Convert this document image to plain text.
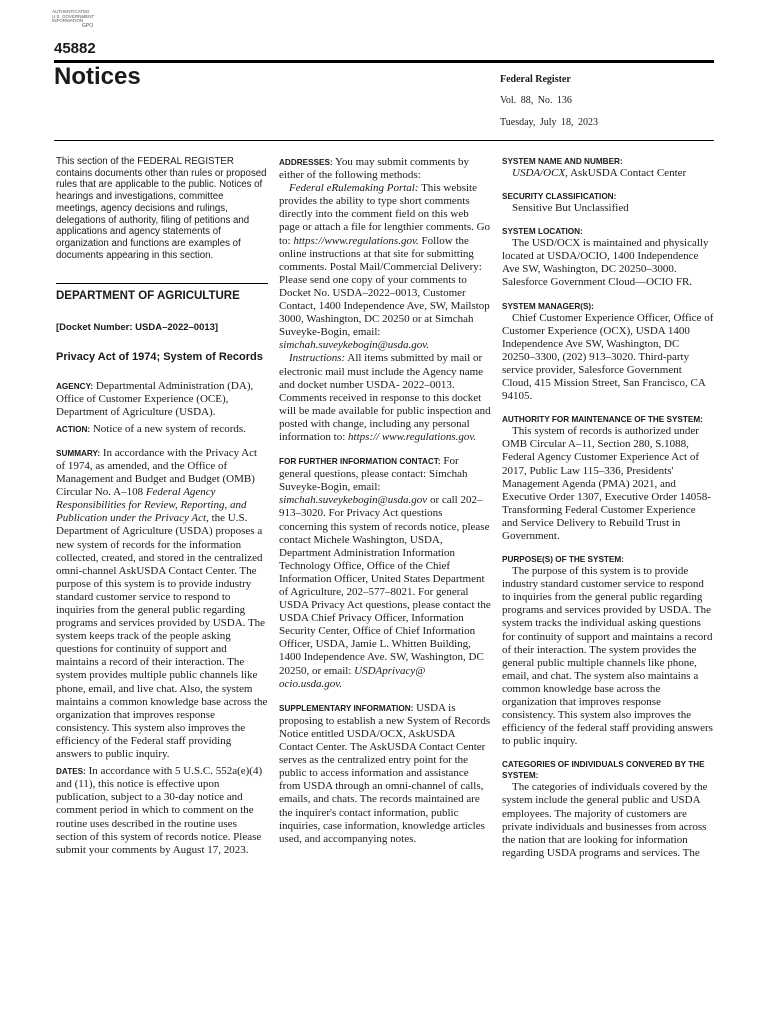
AUTHENTICATED
U.S. GOVERNMENT
INFORMATION
GPO
45882
Notices	Federal Register
Vol. 88, No. 136
Tuesday, July 18, 2023

This section of the FEDERAL REGISTER contains documents other than rules or proposed rules that are applicable to the public. Notices of hearings and investigations, committee meetings, agency decisions and rulings, delegations of authority, filing of petitions and applications and agency statements of organization and functions are examples of documents appearing in this section.

DEPARTMENT OF AGRICULTURE

[Docket Number: USDA–2022–0013]

Privacy Act of 1974; System of Records

AGENCY: Departmental Administration (DA), Office of Customer Experience (OCE), Department of Agriculture (USDA).

ACTION: Notice of a new system of records.

SUMMARY: In accordance with the Privacy Act of 1974, as amended, and the Office of Management and Budget and Budget (OMB) Circular No. A–108 Federal Agency Responsibilities for Review, Reporting, and Publication under the Privacy Act, the U.S. Department of Agriculture (USDA) proposes a new system of records for the information collected, created, and stored in the centralized omni-channel AskUSDA Contact Center. The purpose of this system is to provide industry standard customer service to respond to inquiries from the general public regarding programs and services provided by USDA. The system keeps track of the people asking questions for continuity of support and maintains a record of their interaction. The system provides multiple public channels like phone, email, and live chat. Also, the system maintains a common knowledge base across the organization that improves response consistency. This system also improves the efficiency of the Federal staff providing answers to public inquiry.

DATES: In accordance with 5 U.S.C. 552a(e)(4) and (11), this notice is effective upon publication, subject to a 30-day notice and comment period in which to comment on the routine uses described in the routine uses section of this system of records notice. Please submit your comments by August 17, 2023.

ADDRESSES: You may submit comments by either of the following methods:

Federal eRulemaking Portal: This website provides the ability to type short comments directly into the comment field on this web page or attach a file for lengthier comments. Go to: https://www.regulations.gov. Follow the online instructions at that site for submitting comments. Postal Mail/Commercial Delivery: Please send one copy of your comments to Docket No. USDA–2022–0013, Customer Contact, 1400 Independence Ave, SW, Mailstop 3000, Washington, DC 20250 or at Simchah Suveyke-Bogin, email: simchah.suveykebogin@usda.gov.

Instructions: All items submitted by mail or electronic mail must include the Agency name and docket number USDA- 2022–0013. Comments received in response to this docket will be made available for public inspection and posted with change, including any personal information to: https:// www.regulations.gov.

FOR FURTHER INFORMATION CONTACT: For general questions, please contact: Simchah Suveyke-Bogin, email: simchah.suveykebogin@usda.gov or call 202–913–3020. For Privacy Act questions concerning this system of records notice, please contact Michele Washington, USDA, Department Administration Information Technology Office, Office of the Chief Information Officer, United States Department of Agriculture, 202–577–8021. For general USDA Privacy Act questions, please contact the USDA Chief Privacy Officer, Information Security Center, Office of Chief Information Officer, USDA, Jamie L. Whitten Building, 1400 Independence Ave. SW, Washington, DC 20250, or email: USDAprivacy@ ocio.usda.gov.

SUPPLEMENTARY INFORMATION: USDA is proposing to establish a new System of Records Notice entitled USDA/OCX, AskUSDA Contact Center. The AskUSDA Contact Center serves as the centralized entry point for the public to access information and assistance from USDA through an omni-channel of calls, emails, and chats. The records maintained are the inquirer's contact information, public inquiries, case information, knowledge articles used, and accompanying notes.

SYSTEM NAME AND NUMBER:

USDA/OCX, AskUSDA Contact Center

SECURITY CLASSIFICATION:

Sensitive But Unclassified

SYSTEM LOCATION:

The USD/OCX is maintained and physically located at USDA/OCIO, 1400 Independence Ave SW, Washington, DC 20250–3000. Salesforce Government Cloud—OCIO FR.

SYSTEM MANAGER(S):

Chief Customer Experience Officer, Office of Customer Experience (OCX), USDA 1400 Independence Ave SW, Washington, DC 20250–3300, (202) 913–3020. Third-party service provider, Salesforce Government Cloud, 415 Mission Street, San Francisco, CA 94105.

AUTHORITY FOR MAINTENANCE OF THE SYSTEM:

This system of records is authorized under OMB Circular A–11, Section 280, S.1088, Federal Agency Customer Experience Act of 2017, Public Law 115–336, Presidents' Management Agenda (PMA) 2021, and Executive Order 1307, Executive Order 14058-Transforming Federal Customer Experience and Service Delivery to Rebuild Trust in Government.

PURPOSE(S) OF THE SYSTEM:

The purpose of this system is to provide industry standard customer service to respond to inquiries from the general public regarding programs and services provided by USDA. The system tracks the individual asking questions for continuity of support and maintains a record of their interaction. The system provides the general public multiple channels like phone, email, and chat. The system also maintains a common knowledge base across the organization that improves response consistency. This system also improves the efficiency of the federal staff providing answers to public inquiry.

CATEGORIES OF INDIVIDUALS CONVERED BY THE SYSTEM:

The categories of individuals covered by the system include the general public and USDA employees. The majority of customers are private individuals and businesses from across the nation that are looking for information regarding USDA programs and services. The
